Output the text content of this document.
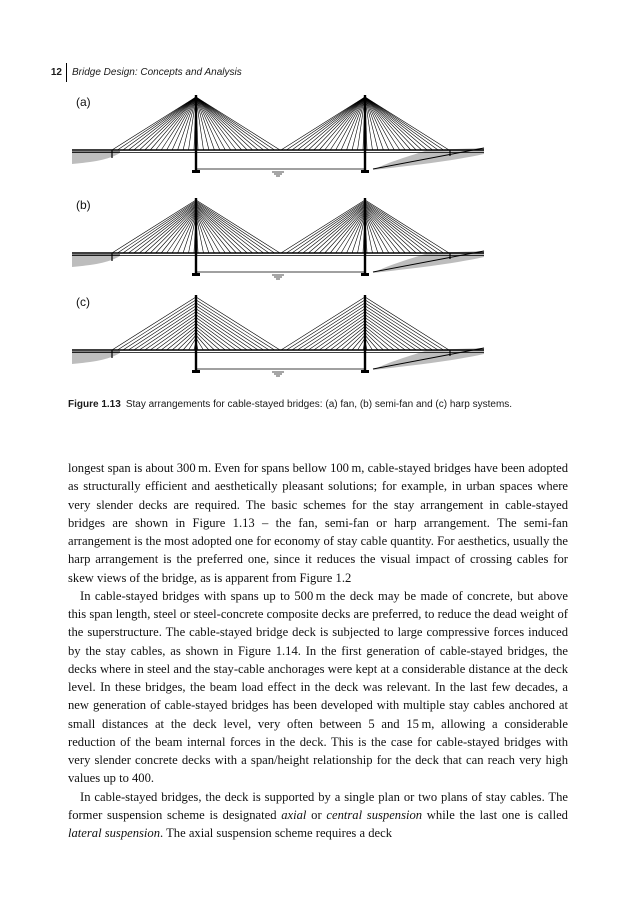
12 Bridge Design: Concepts and Analysis
(a)
(b)
(c)
Figure 1.13 Stay arrangements for cable-stayed bridges: (a) fan, (b) semi-fan and (c) harp systems.

longest span is about 300 m. Even for spans bellow 100 m, cable-stayed bridges have been adopted as structurally efficient and aesthetically pleasant solutions; for example, in urban spaces where very slender decks are required. The basic schemes for the stay arrangement in cable-stayed bridges are shown in Figure 1.13 – the fan, semi-fan or harp arrangement. The semi-fan arrangement is the most adopted one for economy of stay cable quantity. For aesthetics, usually the harp arrangement is the preferred one, since it reduces the visual impact of crossing cables for skew views of the bridge, as is apparent from Figure 1.2

In cable-stayed bridges with spans up to 500 m the deck may be made of concrete, but above this span length, steel or steel-concrete composite decks are preferred, to reduce the dead weight of the superstructure. The cable-stayed bridge deck is subjected to large compressive forces induced by the stay cables, as shown in Figure 1.14. In the first generation of cable-stayed bridges, the decks where in steel and the stay-cable anchorages were kept at a considerable distance at the deck level. In these bridges, the beam load effect in the deck was relevant. In the last few decades, a new generation of cable-stayed bridges has been developed with multiple stay cables anchored at small distances at the deck level, very often between 5 and 15 m, allowing a considerable reduction of the beam internal forces in the deck. This is the case for cable-stayed bridges with very slender concrete decks with a span/height relationship for the deck that can reach very high values up to 400.

In cable-stayed bridges, the deck is supported by a single plan or two plans of stay cables. The former suspension scheme is designated axial or central suspension while the last one is called lateral suspension. The axial suspension scheme requires a deck
